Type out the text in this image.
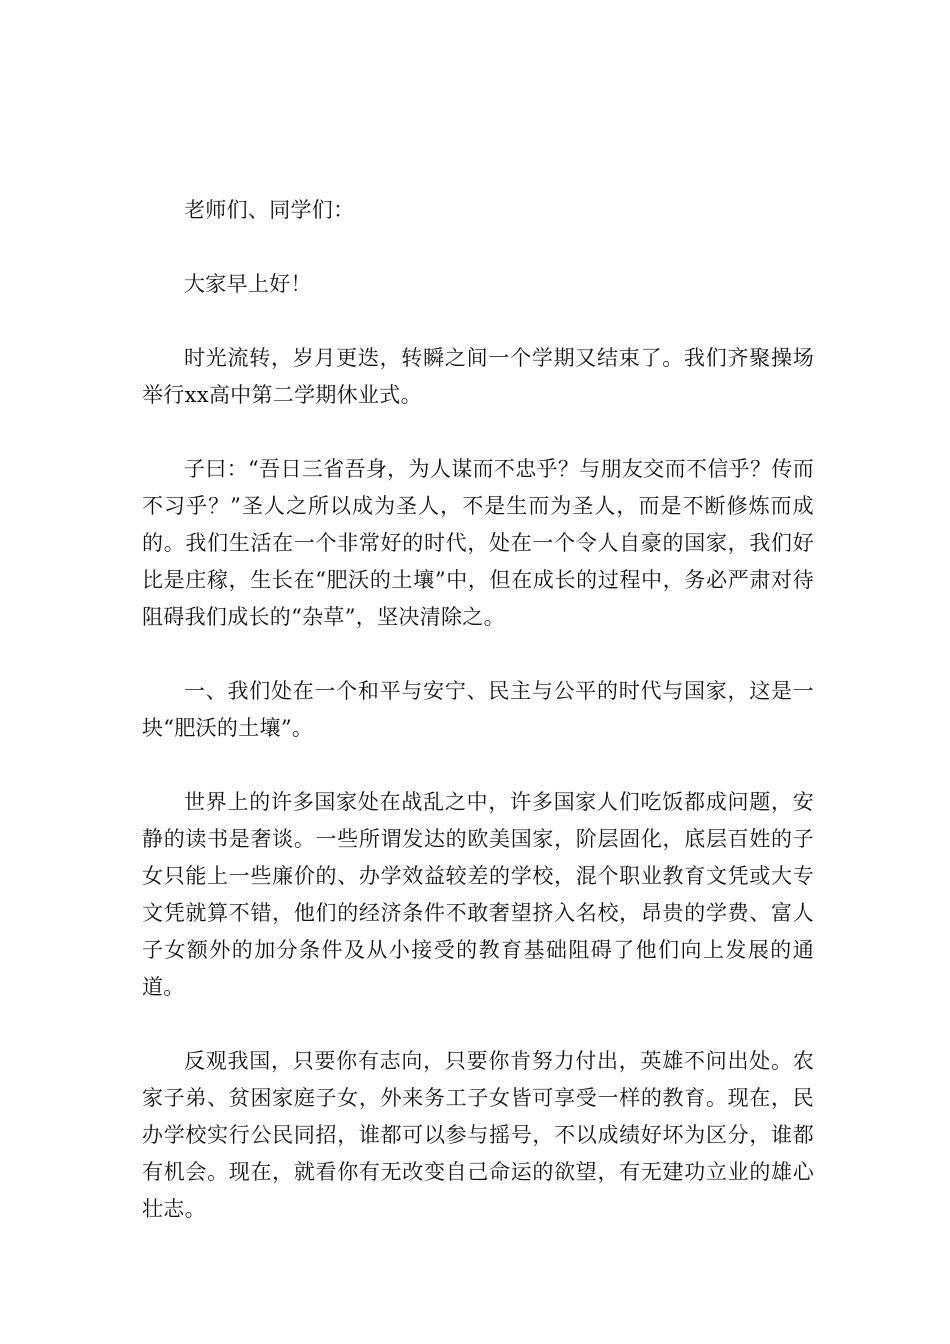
老师们、同学们：

大家早上好！

时光流转，岁月更迭，转瞬之间一个学期又结束了。我们齐聚操场举行xx高中第二学期休业式。

子曰：“吾日三省吾身，为人谋而不忠乎？与朋友交而不信乎？传而不习乎？”圣人之所以成为圣人，不是生而为圣人，而是不断修炼而成的。我们生活在一个非常好的时代，处在一个令人自豪的国家，我们好比是庄稼，生长在“肥沃的土壤”中，但在成长的过程中，务必严肃对待阻碍我们成长的“杂草”，坚决清除之。

一、我们处在一个和平与安宁、民主与公平的时代与国家，这是一块“肥沃的土壤”。

世界上的许多国家处在战乱之中，许多国家人们吃饭都成问题，安静的读书是奢谈。一些所谓发达的欧美国家，阶层固化，底层百姓的子女只能上一些廉价的、办学效益较差的学校，混个职业教育文凭或大专文凭就算不错，他们的经济条件不敢奢望挤入名校，昂贵的学费、富人子女额外的加分条件及从小接受的教育基础阻碍了他们向上发展的通道。

反观我国，只要你有志向，只要你肯努力付出，英雄不问出处。农家子弟、贫困家庭子女，外来务工子女皆可享受一样的教育。现在，民办学校实行公民同招，谁都可以参与摇号，不以成绩好坏为区分，谁都有机会。现在，就看你有无改变自己命运的欲望，有无建功立业的雄心壮志。
